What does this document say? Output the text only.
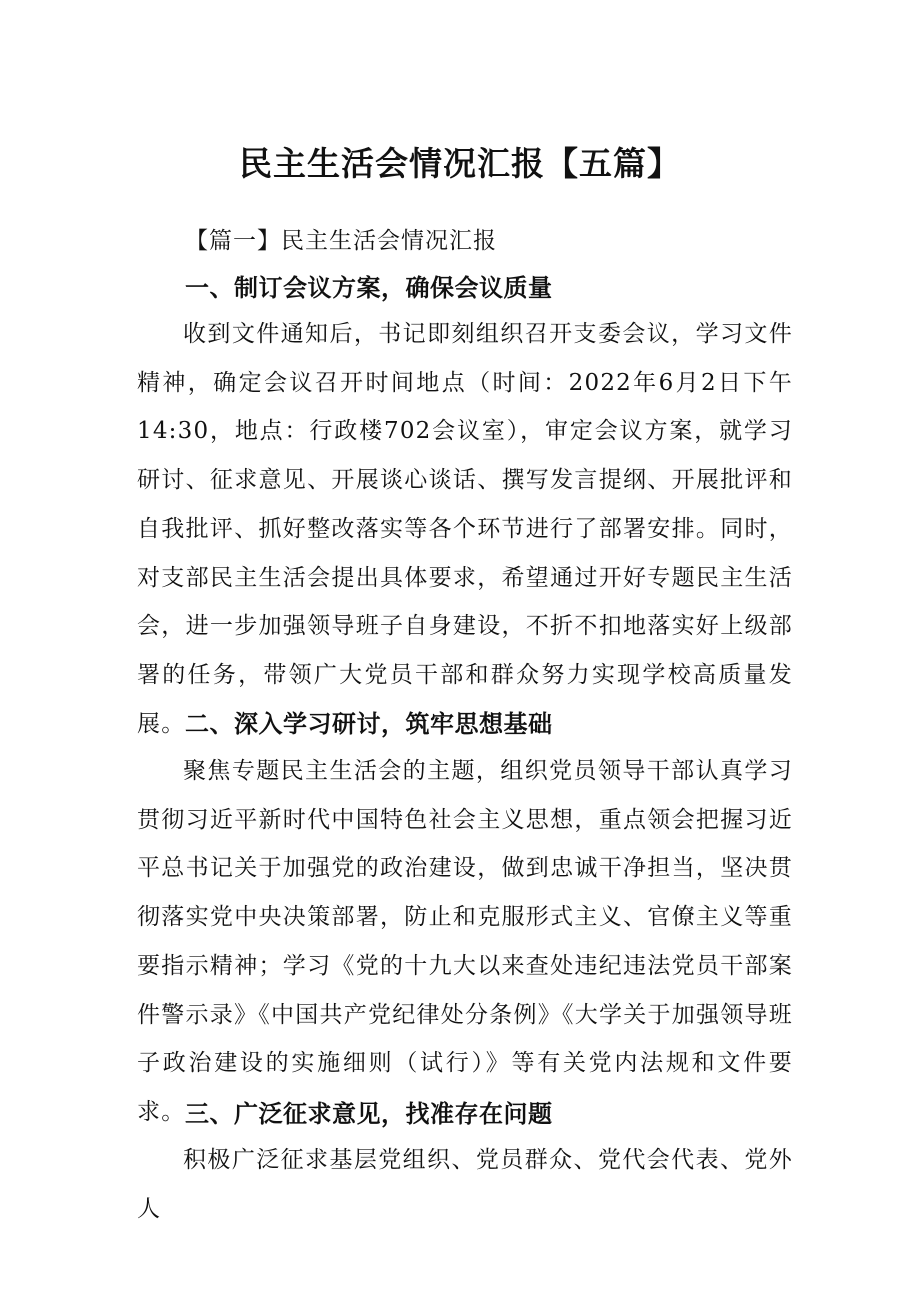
民主生活会情况汇报【五篇】
【篇一】民主生活会情况汇报
一、制订会议方案，确保会议质量

收到文件通知后，书记即刻组织召开支委会议，学习文件精神，确定会议召开时间地点（时间：2022年6月2日下午14:30，地点：行政楼702会议室），审定会议方案，就学习研讨、征求意见、开展谈心谈话、撰写发言提纲、开展批评和自我批评、抓好整改落实等各个环节进行了部署安排。同时，对支部民主生活会提出具体要求，希望通过开好专题民主生活会，进一步加强领导班子自身建设，不折不扣地落实好上级部署的任务，带领广大党员干部和群众努力实现学校高质量发展。 二、深入学习研讨，筑牢思想基础

聚焦专题民主生活会的主题，组织党员领导干部认真学习贯彻习近平新时代中国特色社会主义思想，重点领会把握习近平总书记关于加强党的政治建设，做到忠诚干净担当，坚决贯彻落实党中央决策部署，防止和克服形式主义、官僚主义等重要指示精神；学习《党的十九大以来查处违纪违法党员干部案件警示录》《中国共产党纪律处分条例》《大学关于加强领导班子政治建设的实施细则（试行）》等有关党内法规和文件要求。 三、广泛征求意见，找准存在问题

积极广泛征求基层党组织、党员群众、党代会代表、党外人
